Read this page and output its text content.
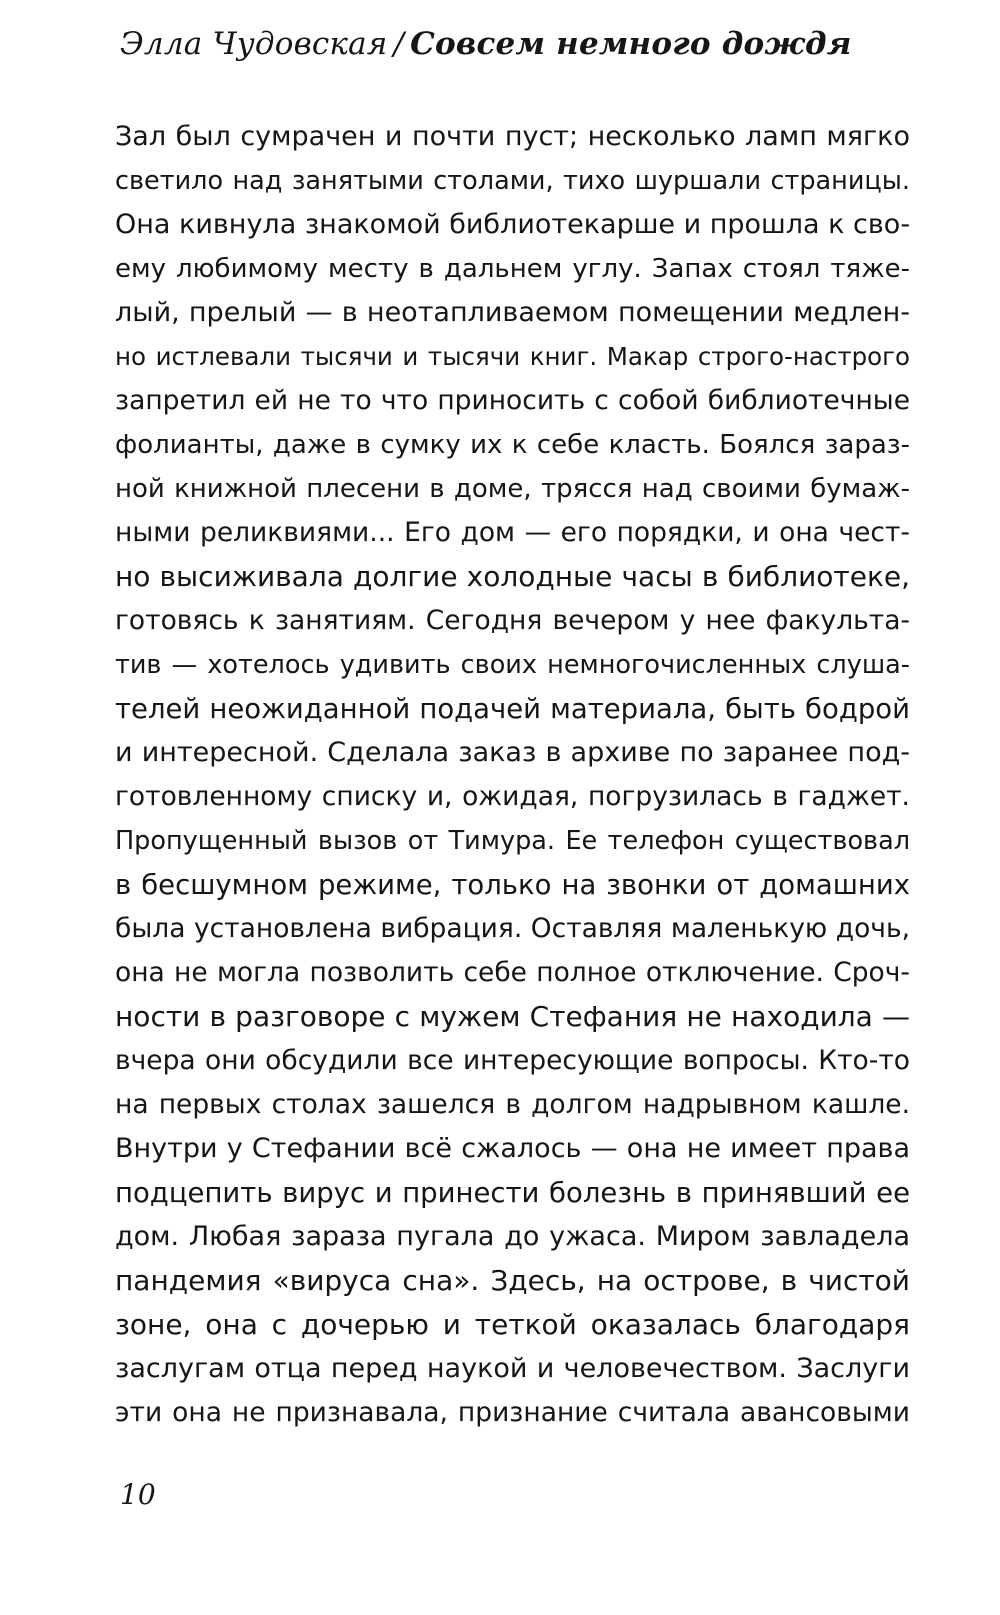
Элла Чудовская / Совсем немного дождя
Зал был сумрачен и почти пуст; несколько ламп мягко
светило над занятыми столами, тихо шуршали страницы.
Она кивнула знакомой библиотекарше и прошла к сво-
ему любимому месту в дальнем углу. Запах стоял тяже-
лый, прелый — в неотапливаемом помещении медлен-
но истлевали тысячи и тысячи книг. Макар строго-настрого
запретил ей не то что приносить с собой библиотечные
фолианты, даже в сумку их к себе класть. Боялся зараз-
ной книжной плесени в доме, трясся над своими бумаж-
ными реликвиями... Его дом — его порядки, и она чест-
но высиживала долгие холодные часы в библиотеке,
готовясь к занятиям. Сегодня вечером у нее факульта-
тив — хотелось удивить своих немногочисленных слуша-
телей неожиданной подачей материала, быть бодрой
и интересной. Сделала заказ в архиве по заранее под-
готовленному списку и, ожидая, погрузилась в гаджет.
Пропущенный вызов от Тимура. Ее телефон существовал
в бесшумном режиме, только на звонки от домашних
была установлена вибрация. Оставляя маленькую дочь,
она не могла позволить себе полное отключение. Сроч-
ности в разговоре с мужем Стефания не находила —
вчера они обсудили все интересующие вопросы. Кто-то
на первых столах зашелся в долгом надрывном кашле.
Внутри у Стефании всё сжалось — она не имеет права
подцепить вирус и принести болезнь в принявший ее
дом. Любая зараза пугала до ужаса. Миром завладела
пандемия «вируса сна». Здесь, на острове, в чистой
зоне, она с дочерью и теткой оказалась благодаря
заслугам отца перед наукой и человечеством. Заслуги
эти она не признавала, признание считала авансовыми
10
